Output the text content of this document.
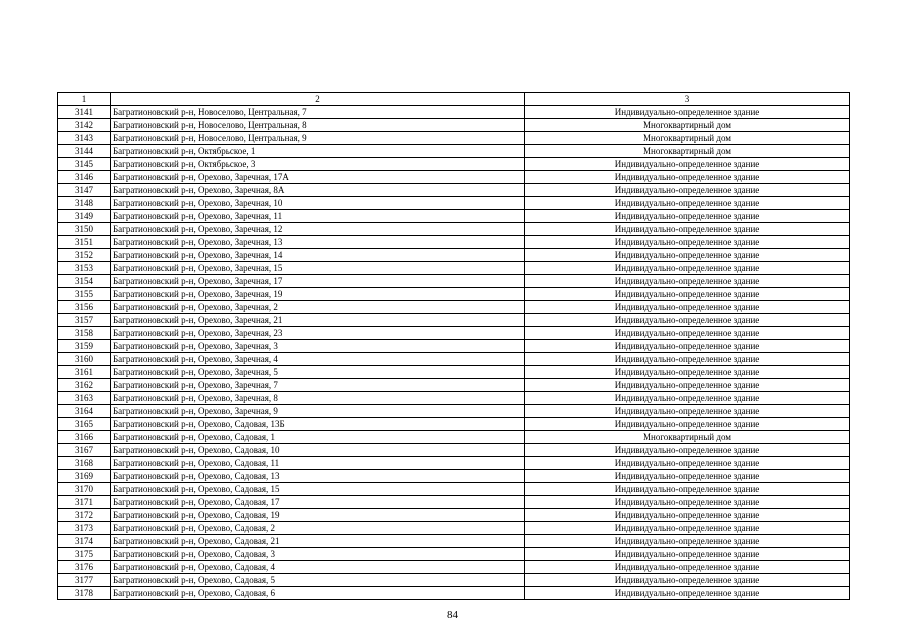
1	2	3
3141	Багратионовский р-н, Новоселово, Центральная, 7	Индивидуально-определенное здание
3142	Багратионовский р-н, Новоселово, Центральная, 8	Многоквартирный дом
3143	Багратионовский р-н, Новоселово, Центральная, 9	Многоквартирный дом
3144	Багратионовский р-н, Октябрьское, 1	Многоквартирный дом
3145	Багратионовский р-н, Октябрьское, 3	Индивидуально-определенное здание
3146	Багратионовский р-н, Орехово, Заречная, 17А	Индивидуально-определенное здание
3147	Багратионовский р-н, Орехово, Заречная, 8А	Индивидуально-определенное здание
3148	Багратионовский р-н, Орехово, Заречная, 10	Индивидуально-определенное здание
3149	Багратионовский р-н, Орехово, Заречная, 11	Индивидуально-определенное здание
3150	Багратионовский р-н, Орехово, Заречная, 12	Индивидуально-определенное здание
3151	Багратионовский р-н, Орехово, Заречная, 13	Индивидуально-определенное здание
3152	Багратионовский р-н, Орехово, Заречная, 14	Индивидуально-определенное здание
3153	Багратионовский р-н, Орехово, Заречная, 15	Индивидуально-определенное здание
3154	Багратионовский р-н, Орехово, Заречная, 17	Индивидуально-определенное здание
3155	Багратионовский р-н, Орехово, Заречная, 19	Индивидуально-определенное здание
3156	Багратионовский р-н, Орехово, Заречная, 2	Индивидуально-определенное здание
3157	Багратионовский р-н, Орехово, Заречная, 21	Индивидуально-определенное здание
3158	Багратионовский р-н, Орехово, Заречная, 23	Индивидуально-определенное здание
3159	Багратионовский р-н, Орехово, Заречная, 3	Индивидуально-определенное здание
3160	Багратионовский р-н, Орехово, Заречная, 4	Индивидуально-определенное здание
3161	Багратионовский р-н, Орехово, Заречная, 5	Индивидуально-определенное здание
3162	Багратионовский р-н, Орехово, Заречная, 7	Индивидуально-определенное здание
3163	Багратионовский р-н, Орехово, Заречная, 8	Индивидуально-определенное здание
3164	Багратионовский р-н, Орехово, Заречная, 9	Индивидуально-определенное здание
3165	Багратионовский р-н, Орехово, Садовая, 13Б	Индивидуально-определенное здание
3166	Багратионовский р-н, Орехово, Садовая, 1	Многоквартирный дом
3167	Багратионовский р-н, Орехово, Садовая, 10	Индивидуально-определенное здание
3168	Багратионовский р-н, Орехово, Садовая, 11	Индивидуально-определенное здание
3169	Багратионовский р-н, Орехово, Садовая, 13	Индивидуально-определенное здание
3170	Багратионовский р-н, Орехово, Садовая, 15	Индивидуально-определенное здание
3171	Багратионовский р-н, Орехово, Садовая, 17	Индивидуально-определенное здание
3172	Багратионовский р-н, Орехово, Садовая, 19	Индивидуально-определенное здание
3173	Багратионовский р-н, Орехово, Садовая, 2	Индивидуально-определенное здание
3174	Багратионовский р-н, Орехово, Садовая, 21	Индивидуально-определенное здание
3175	Багратионовский р-н, Орехово, Садовая, 3	Индивидуально-определенное здание
3176	Багратионовский р-н, Орехово, Садовая, 4	Индивидуально-определенное здание
3177	Багратионовский р-н, Орехово, Садовая, 5	Индивидуально-определенное здание
3178	Багратионовский р-н, Орехово, Садовая, 6	Индивидуально-определенное здание
84
